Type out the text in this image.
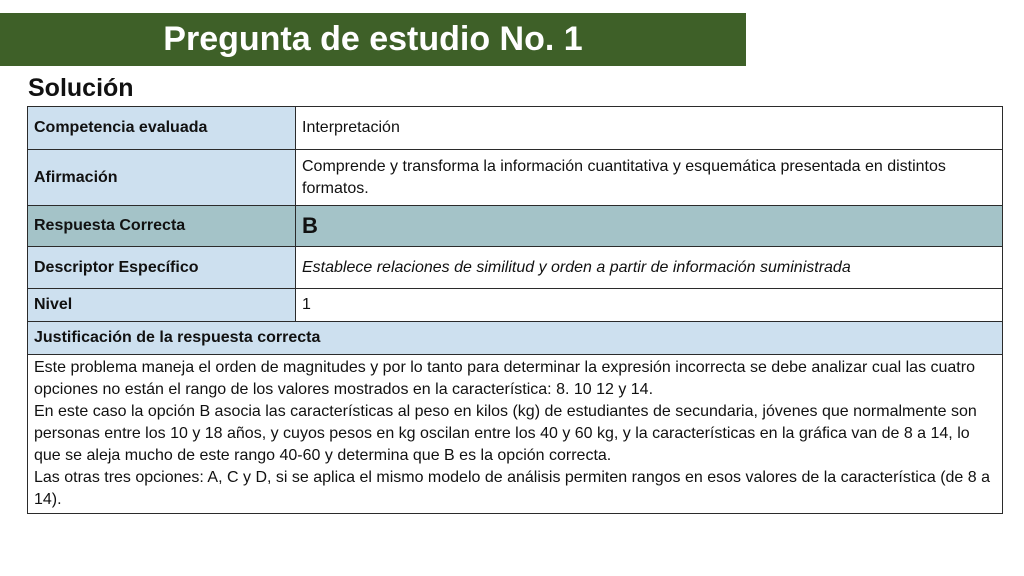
Pregunta de estudio No. 1
Solución
Competencia evaluada	Interpretación
Afirmación	Comprende y transforma la información cuantitativa y esquemática presentada en distintos formatos.
Respuesta Correcta	B
Descriptor Específico	Establece relaciones de similitud y orden a partir de información suministrada
Nivel	1
Justificación de la respuesta correcta	

Este problema maneja el orden de magnitudes y por lo tanto para determinar la expresión incorrecta se debe analizar cual las cuatro opciones no están el rango de los valores mostrados en la característica: 8. 10 12 y 14.
En este caso la opción B asocia las características al peso en kilos (kg) de estudiantes de secundaria, jóvenes que normalmente son personas entre los 10 y 18 años, y cuyos pesos en kg oscilan entre los 40 y 60 kg, y la características en la gráfica van de 8 a 14, lo que se aleja mucho de este rango 40-60 y determina que B es la opción correcta.
Las otras tres opciones: A, C y D, si se aplica el mismo modelo de análisis permiten rangos en esos valores de la característica (de 8 a 14).	
